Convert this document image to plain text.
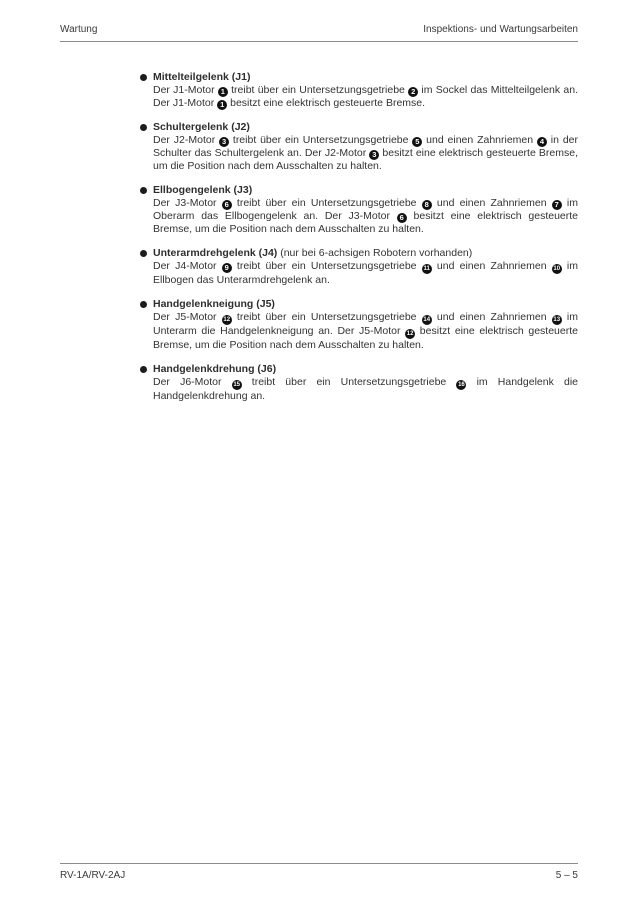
Wartung	Inspektions- und Wartungsarbeiten
Mittelteilgelenk (J1)

Der J1-Motor 1 treibt über ein Untersetzungsgetriebe 2 im Sockel das Mittelteilgelenk an. Der J1-Motor 1 besitzt eine elektrisch gesteuerte Bremse.

Schultergelenk (J2)

Der J2-Motor 3 treibt über ein Untersetzungsgetriebe 5 und einen Zahnriemen 4 in der Schulter das Schultergelenk an. Der J2-Motor 3 besitzt eine elektrisch gesteuerte Bremse, um die Position nach dem Ausschalten zu halten.

Ellbogengelenk (J3)

Der J3-Motor 6 treibt über ein Untersetzungsgetriebe 8 und einen Zahnriemen 7 im Oberarm das Ellbogengelenk an. Der J3-Motor 6 besitzt eine elektrisch gesteuerte Bremse, um die Position nach dem Ausschalten zu halten.

Unterarmdrehgelenk (J4) (nur bei 6-achsigen Robotern vorhanden)

Der J4-Motor 9 treibt über ein Untersetzungsgetriebe 11 und einen Zahnriemen 10 im Ellbogen das Unterarmdrehgelenk an.

Handgelenkneigung (J5)

Der J5-Motor 12 treibt über ein Untersetzungsgetriebe 14 und einen Zahnriemen 13 im Unterarm die Handgelenkneigung an. Der J5-Motor 12 besitzt eine elektrisch gesteuerte Bremse, um die Position nach dem Ausschalten zu halten.

Handgelenkdrehung (J6)

Der J6-Motor 15 treibt über ein Untersetzungsgetriebe 16 im Handgelenk die Handgelenkdrehung an.

RV-1A/RV-2AJ	5 – 5
